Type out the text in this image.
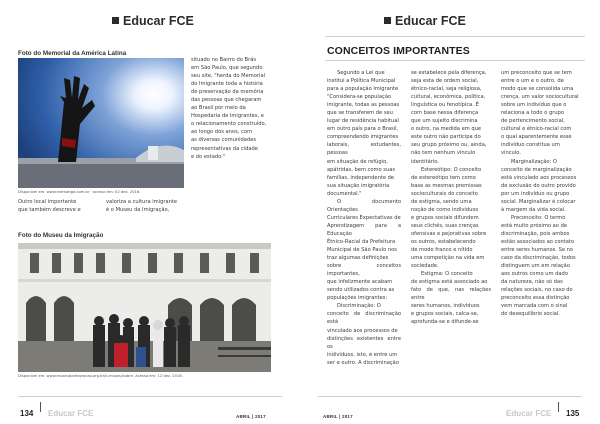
Educar FCE
Foto do Memorial da América Latina
Disponível em: www.mematiga.com.br · acesso em: 02 dez. 2016.

situado no Bairro do Brás

em São Paulo, que segundo

seu site, "herda do Memorial

do Imigrante toda a história

de preservação da memória

das pessoas que chegaram

ao Brasil por meio da

Hospedaria de Imigrantes, e

o relacionamento construído,

ao longo dos anos, com

as diversas comunidades

representativas da cidade

e do estado."

Outro local importante

que também descreve e

valoriza a cultura imigrante

é o Museu da Imigração,

Foto do Museu da Imigração
Disponível em: www.museudaimigracao.org.br/o-museu/sobre. Acesso em: 12 dez. 2016.
134 Educar FCE	ABRIL | 2017
Educar FCE
CONCEITOS IMPORTANTES

Segundo a Lei que

institui a Política Municipal

para a população imigrante

"Considera-se população

imigrante, todas as pessoas

que se transferem de seu

lugar de residência habitual

em outro país para o Brasil,

compreendendo imigrantes

laborais, estudantes, pessoas

em situação de refúgio,

apátridas, bem como suas

famílias, independente de

sua situação imigratória

documental."

O documento Orientações

Curriculares Expectativas de

Aprendizagem para a Educação

Étnico-Racial da Prefeitura

Municipal de São Paulo nos

traz algumas definições

sobre conceitos importantes,

que infelizmente acabam

sendo utilizados contra as

populações imigrantes:

Discriminação: O

conceito de discriminação está

vinculado aos processos de

distinções existentes entre os

indivíduos, isto, é entre um

ser e outro. A discriminação

se estabelece pela diferença,

seja esta de ordem social,

étnico-racial, seja religiosa,

cultural, econômica, política,

linguística ou fenotípica. É

com base nessa diferença

que um sujeito discrimina

o outro, na medida em que

este outro não participa do

seu grupo próximo ou, ainda,

não tem nenhum vínculo

identitário.

Estereótipo: O conceito

de estereótipo tem como

base as mesmas premissas

socioculturais do conceito

de estigma, sendo uma

noção de como indivíduos

e grupos sociais difundem

seus clichês, suas crenças

ofensivas e pejorativas sobre

os outros, estabelecendo

de modo franco e nítido

uma competição na vida em

sociedade.

Estigma: O conceito

de estigma está associado ao

fato de que, nas relações entre

seres humanos, indivíduos

e grupos sociais, calca-se,

aprofunda-se e difunde-se

um preconceito que se tem

entre o um e o outro, de

modo que se consolida uma

crença, um valor sociocultural

sobre um indivíduo que o

relaciona a todo o grupo

de pertencimento social,

cultural e étnico-racial com

o qual aparentemente esse

indivíduo constitua um

vínculo.

Marginalização: O

conceito de marginalização

está vinculado aos processos

de exclusão do outro provido

por um indivíduo ou grupo

social. Marginalizar é colocar

à margem da vida social.

Preconceito: O termo

está muito próximo ao de

discriminação, pois ambos

estão associados ao contato

entre seres humanos. Se no

caso da discriminação, todos

distinguem um em relação

aos outros como um dado

da natureza, não só das

relações sociais, no caso do

preconceito essa distinção

vem marcada com o sinal

do desequilíbrio social.

ABRIL | 2017	Educar FCE 135
